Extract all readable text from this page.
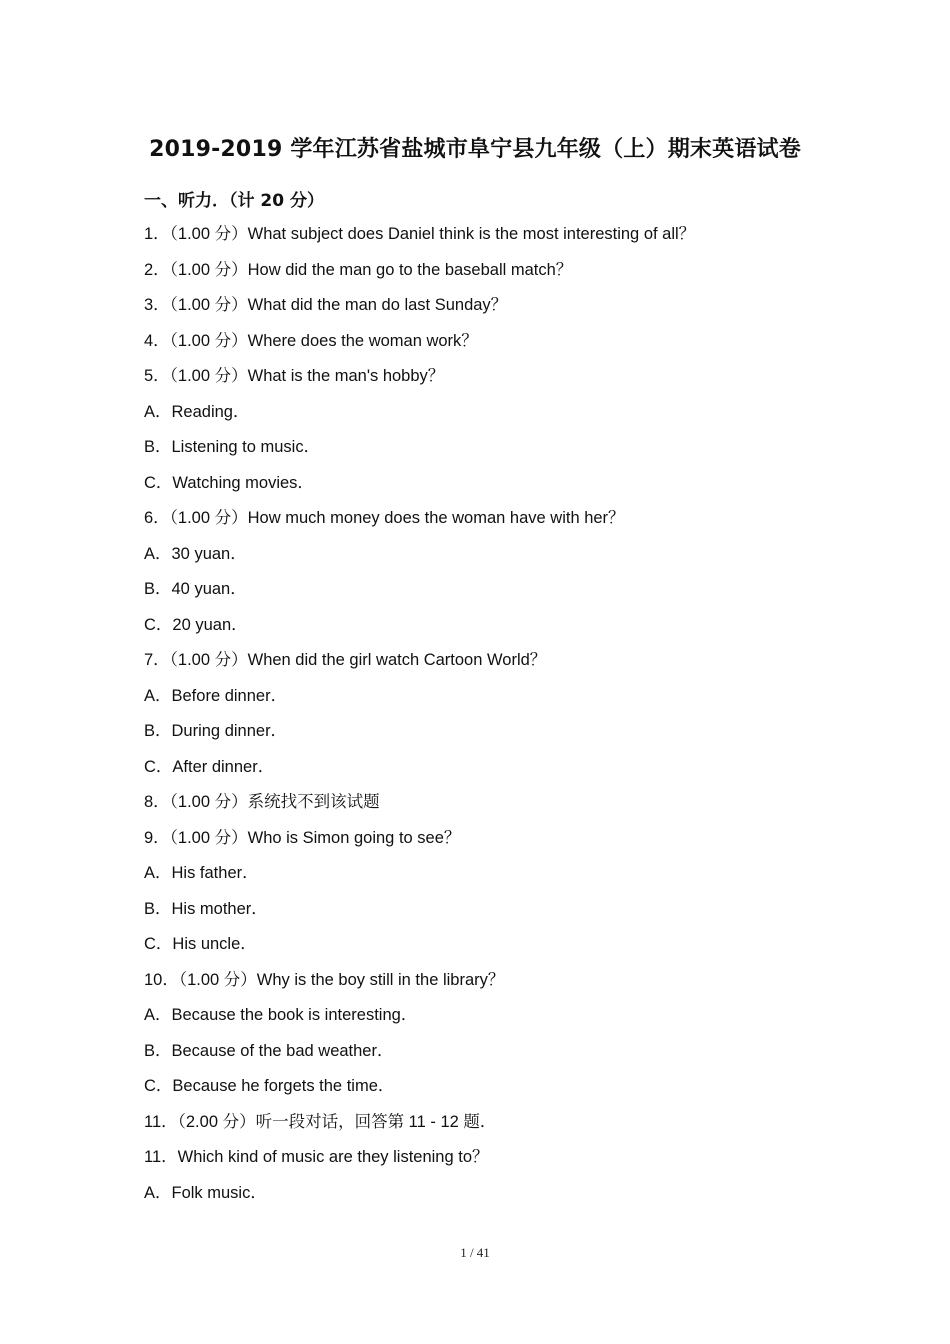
2019-2019 学年江苏省盐城市阜宁县九年级（上）期末英语试卷
一、听力．（计 20 分）
1．（1.00 分）What subject does Daniel think is the most interesting of all？
2．（1.00 分）How did the man go to the baseball match？
3．（1.00 分）What did the man do last Sunday？
4．（1.00 分）Where does the woman work？
5．（1.00 分）What is the man's hobby？
A．Reading．
B．Listening to music．
C．Watching movies．
6．（1.00 分）How much money does the woman have with her？
A．30 yuan．
B．40 yuan．
C．20 yuan．
7．（1.00 分）When did the girl watch Cartoon World？
A．Before dinner．
B．During dinner．
C．After dinner．
8．（1.00 分）系统找不到该试题
9．（1.00 分）Who is Simon going to see？
A．His father．
B．His mother．
C．His uncle．
10．（1.00 分）Why is the boy still in the library？
A．Because the book is interesting．
B．Because of the bad weather．
C．Because he forgets the time．
11．（2.00 分）听一段对话，回答第 11 - 12 题．
11．Which kind of music are they listening to？
A．Folk music．
1 / 41
